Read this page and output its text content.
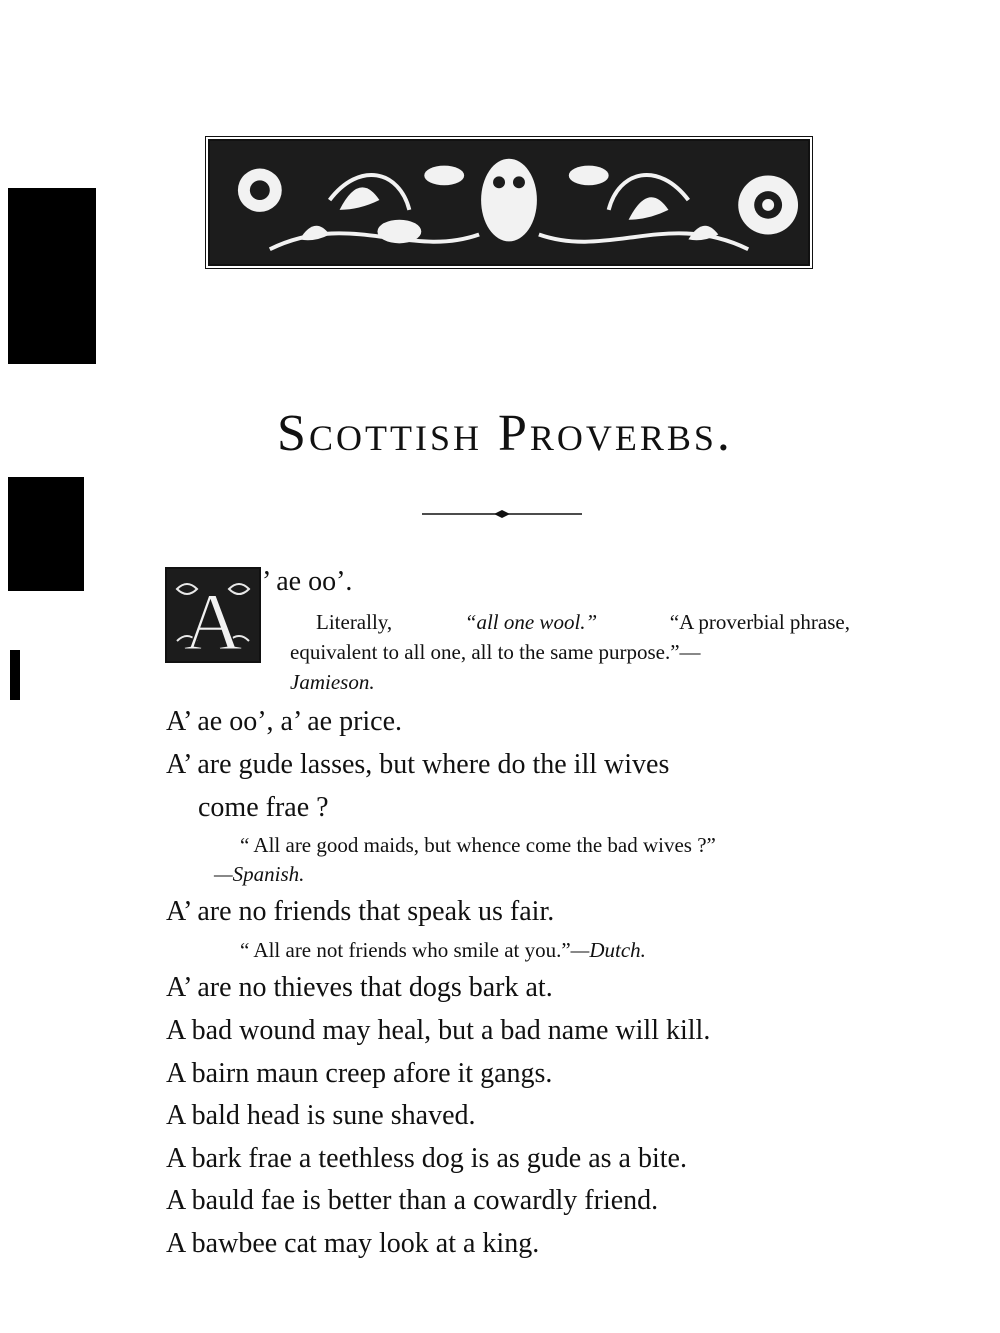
Scottish Proverbs.
A ’ ae oo’.
Literally,	“all one wool.”	“A proverbial phrase,
equivalent to all one, all to the same purpose.”—
Jamieson.
A’ ae oo’, a’ ae price.
A’ are gude lasses, but where do the ill wives
come frae ?
“ All are good maids, but whence come the bad wives ?”
—Spanish.
A’ are no friends that speak us fair.
“ All are not friends who smile at you.”—Dutch.
A’ are no thieves that dogs bark at.
A bad wound may heal, but a bad name will kill.
A bairn maun creep afore it gangs.
A bald head is sune shaved.
A bark frae a teethless dog is as gude as a bite.
A bauld fae is better than a cowardly friend.
A bawbee cat may look at a king.
